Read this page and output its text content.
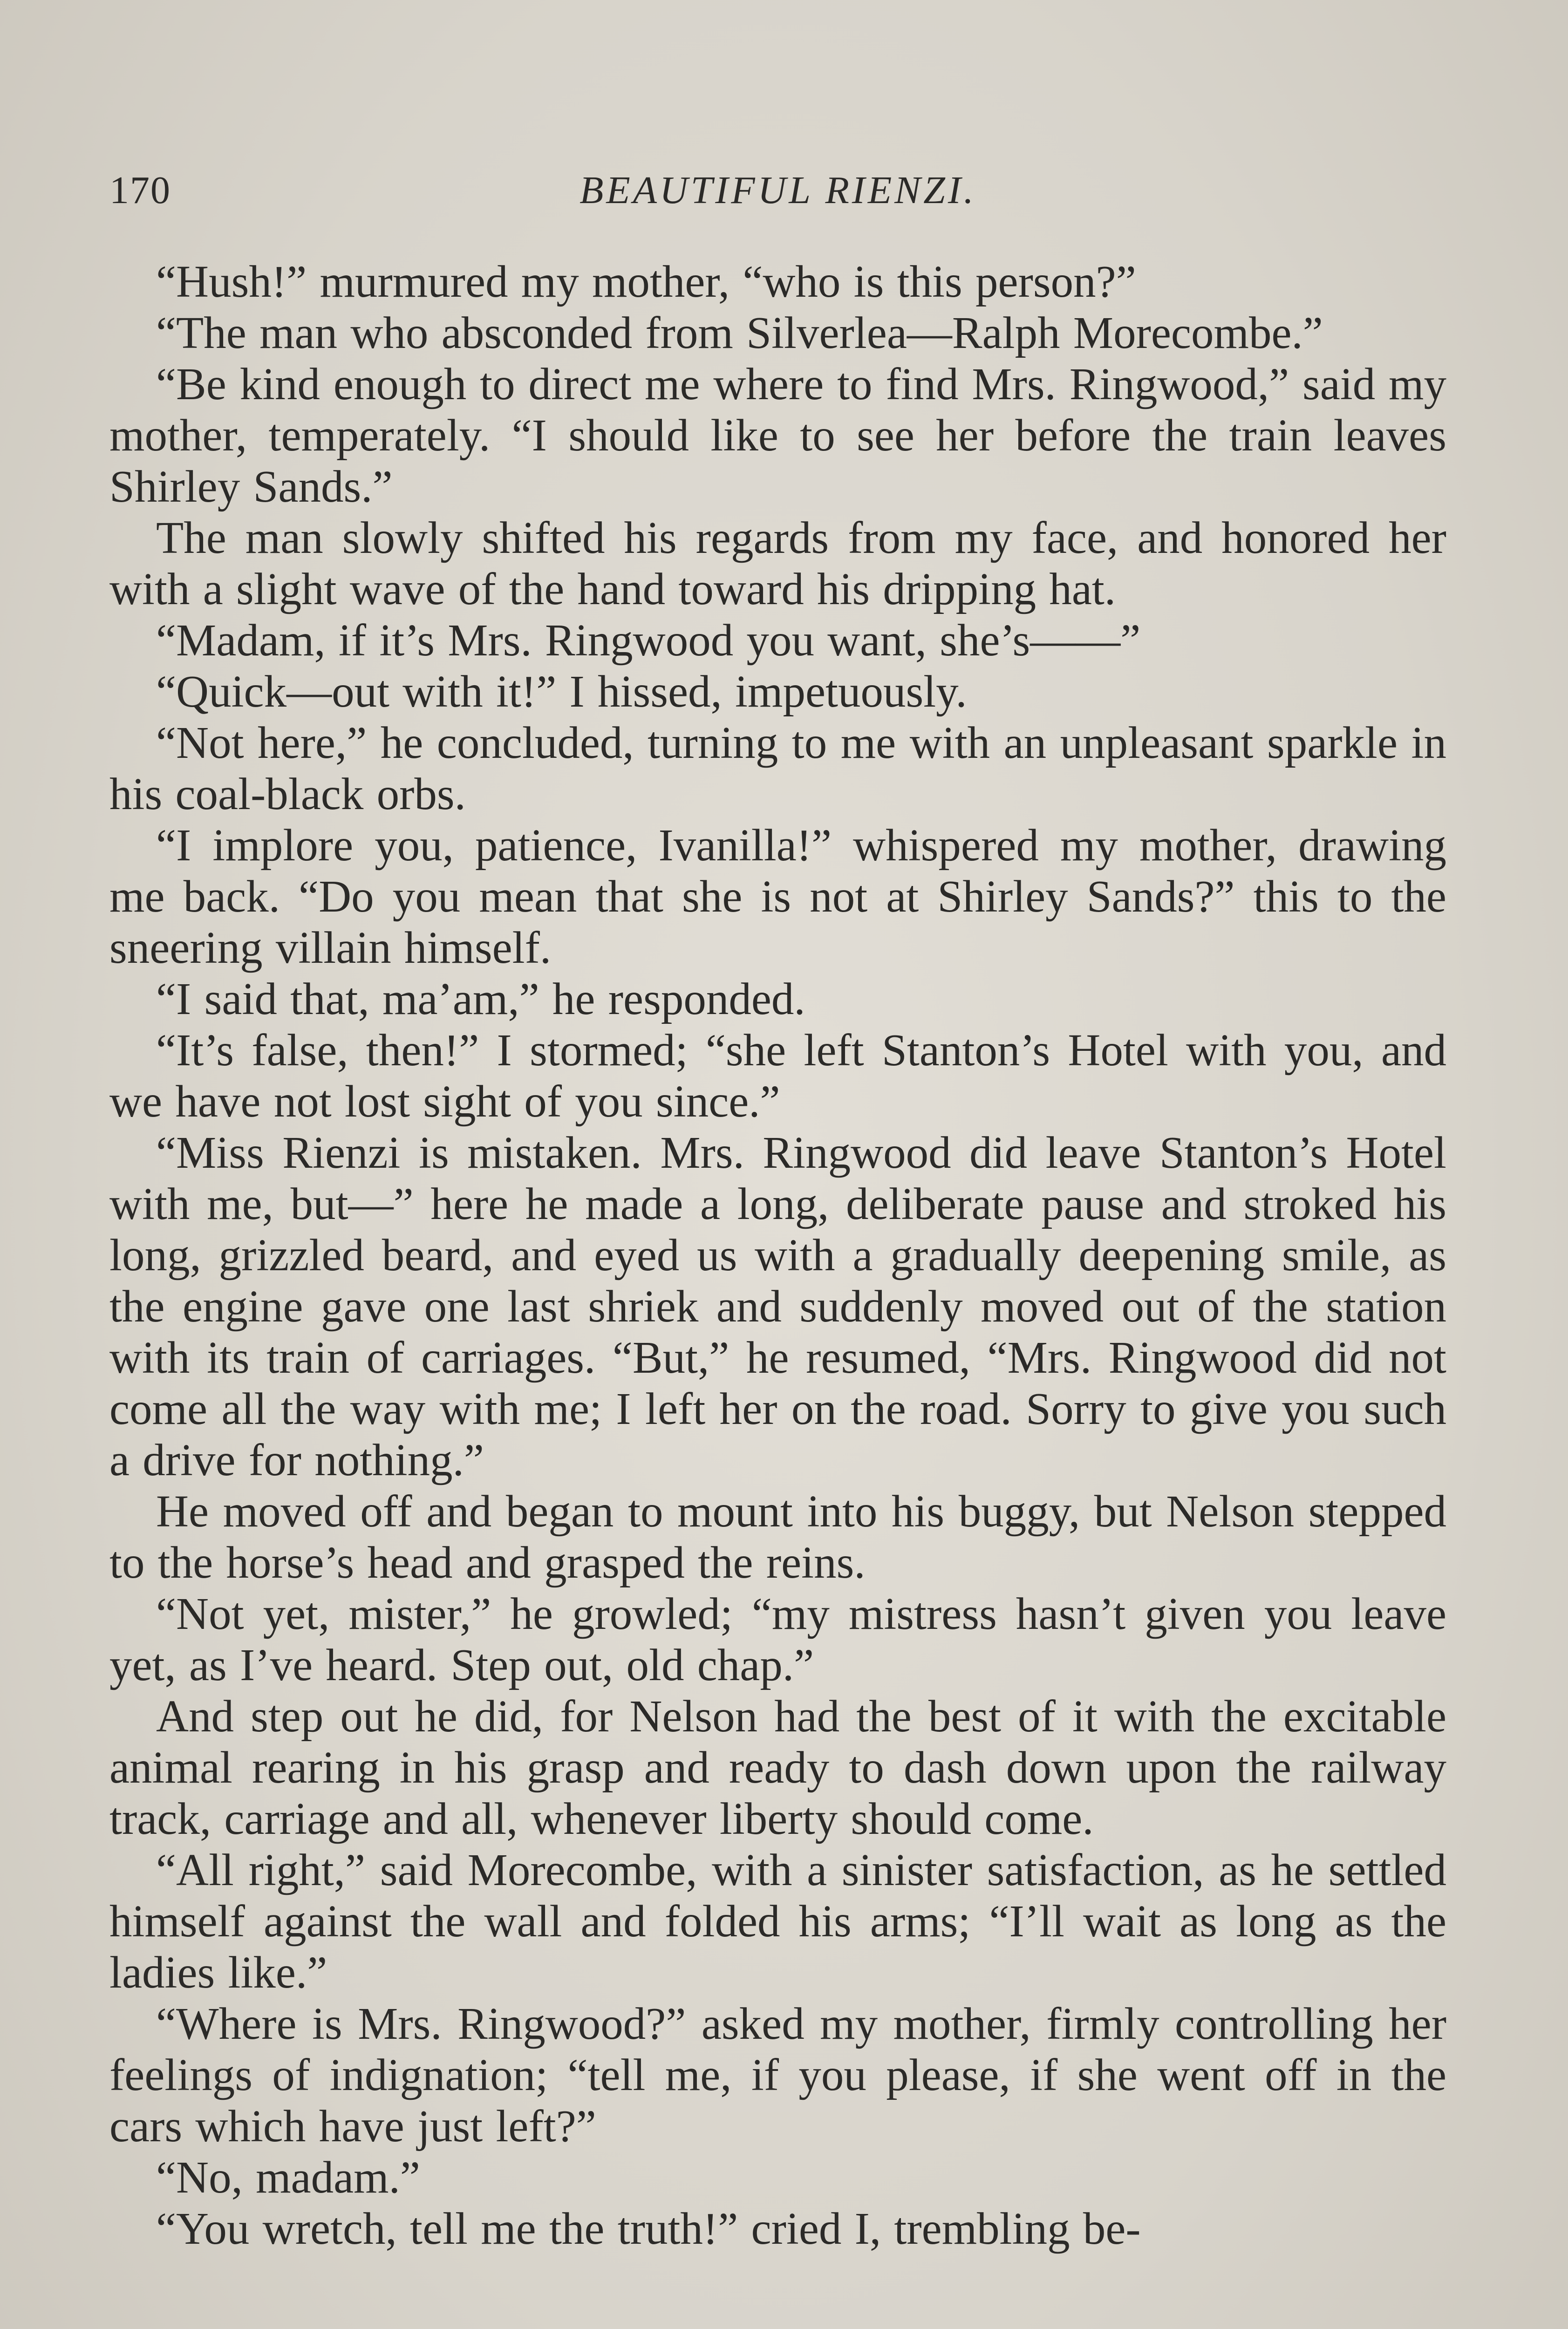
170	BEAUTIFUL RIENZI.

“Hush!” murmured my mother, “who is this person?”

“The man who absconded from Silverlea—Ralph Morecombe.”

“Be kind enough to direct me where to find Mrs. Ringwood,” said my mother, temperately. “I should like to see her before the train leaves Shirley Sands.”

The man slowly shifted his regards from my face, and honored her with a slight wave of the hand toward his dripping hat.

“Madam, if it’s Mrs. Ringwood you want, she’s——”

“Quick—out with it!” I hissed, impetuously.

“Not here,” he concluded, turning to me with an unpleasant sparkle in his coal-black orbs.

“I implore you, patience, Ivanilla!” whispered my mother, drawing me back. “Do you mean that she is not at Shirley Sands?” this to the sneering villain himself.

“I said that, ma’am,” he responded.

“It’s false, then!” I stormed; “she left Stanton’s Hotel with you, and we have not lost sight of you since.”

“Miss Rienzi is mistaken. Mrs. Ringwood did leave Stanton’s Hotel with me, but—” here he made a long, deliberate pause and stroked his long, grizzled beard, and eyed us with a gradually deepening smile, as the engine gave one last shriek and suddenly moved out of the station with its train of carriages. “But,” he resumed, “Mrs. Ringwood did not come all the way with me; I left her on the road. Sorry to give you such a drive for nothing.”

He moved off and began to mount into his buggy, but Nelson stepped to the horse’s head and grasped the reins.

“Not yet, mister,” he growled; “my mistress hasn’t given you leave yet, as I’ve heard. Step out, old chap.”

And step out he did, for Nelson had the best of it with the excitable animal rearing in his grasp and ready to dash down upon the railway track, carriage and all, whenever liberty should come.

“All right,” said Morecombe, with a sinister satisfaction, as he settled himself against the wall and folded his arms; “I’ll wait as long as the ladies like.”

“Where is Mrs. Ringwood?” asked my mother, firmly controlling her feelings of indignation; “tell me, if you please, if she went off in the cars which have just left?”

“No, madam.”

“You wretch, tell me the truth!” cried I, trembling be-
